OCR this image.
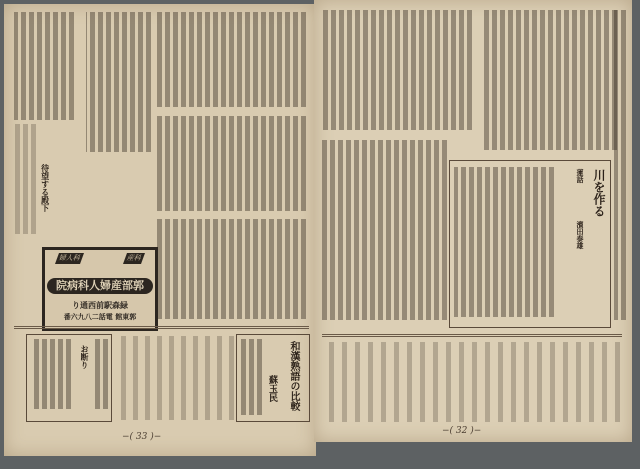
待望する殿下
婦人科	産科
院病科人婦産部郭
り通西前駅森緑
番六九八二話電 館東郭
お断り	和漢熟語の比較
蘇玉民
−( 33 )−
蓮話 川を作る
濱田泰雄
−( 32 )−
